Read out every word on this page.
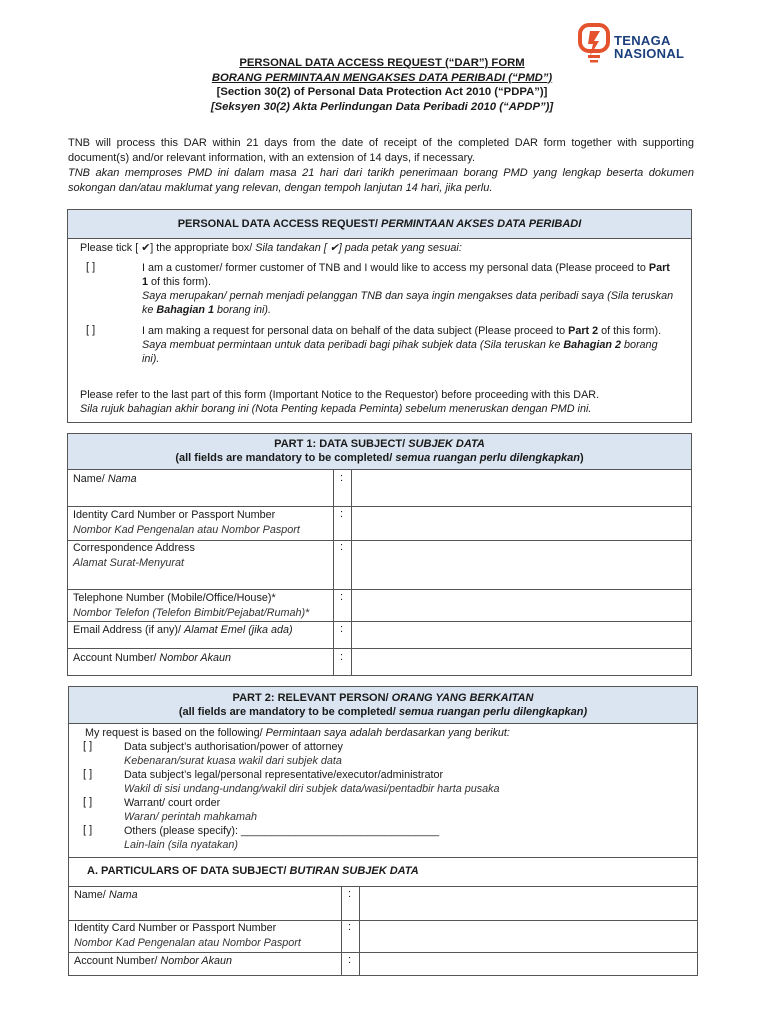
TENAGA
NASIONAL
PERSONAL DATA ACCESS REQUEST (“DAR”) FORM
BORANG PERMINTAAN MENGAKSES DATA PERIBADI (“PMD”)
[Section 30(2) of Personal Data Protection Act 2010 (“PDPA”)]
[Seksyen 30(2) Akta Perlindungan Data Peribadi 2010 (“APDP”)]
TNB will process this DAR within 21 days from the date of receipt of the completed DAR form together with supporting document(s) and/or relevant information, with an extension of 14 days, if necessary.
TNB akan memproses PMD ini dalam masa 21 hari dari tarikh penerimaan borang PMD yang lengkap beserta dokumen sokongan dan/atau maklumat yang relevan, dengan tempoh lanjutan 14 hari, jika perlu.
PERSONAL DATA ACCESS REQUEST/ PERMINTAAN AKSES DATA PERIBADI
Please tick [ ✔] the appropriate box/ Sila tandakan [ ✔] pada petak yang sesuai:
[ ]	I am a customer/ former customer of TNB and I would like to access my personal data (Please proceed to Part 1 of this form).
Saya merupakan/ pernah menjadi pelanggan TNB dan saya ingin mengakses data peribadi saya (Sila teruskan ke Bahagian 1 borang ini).
[ ]	I am making a request for personal data on behalf of the data subject (Please proceed to Part 2 of this form).
Saya membuat permintaan untuk data peribadi bagi pihak subjek data (Sila teruskan ke Bahagian 2 borang ini).
Please refer to the last part of this form (Important Notice to the Requestor) before proceeding with this DAR.
Sila rujuk bahagian akhir borang ini (Nota Penting kepada Peminta) sebelum meneruskan dengan PMD ini.
PART 1: DATA SUBJECT/ SUBJEK DATA
(all fields are mandatory to be completed/ semua ruangan perlu dilengkapkan)
Name/ Nama	:
Identity Card Number or Passport Number
Nombor Kad Pengenalan atau Nombor Pasport
:
Correspondence Address
Alamat Surat-Menyurat
:
Telephone Number (Mobile/Office/House)*
Nombor Telefon (Telefon Bimbit/Pejabat/Rumah)*
:
Email Address (if any)/ Alamat Emel (jika ada)	:
Account Number/ Nombor Akaun	:
PART 2: RELEVANT PERSON/ ORANG YANG BERKAITAN
(all fields are mandatory to be completed/ semua ruangan perlu dilengkapkan)
My request is based on the following/ Permintaan saya adalah berdasarkan yang berikut:
[ ]	Data subject’s authorisation/power of attorney
Kebenaran/surat kuasa wakil dari subjek data
[ ]	Data subject’s legal/personal representative/executor/administrator
Wakil di sisi undang-undang/wakil diri subjek data/wasi/pentadbir harta pusaka
[ ]	Warrant/ court order
Waran/ perintah mahkamah
[ ]	Others (please specify): _________________________________
Lain-lain (sila nyatakan)
A. PARTICULARS OF DATA SUBJECT/ BUTIRAN SUBJEK DATA
Name/ Nama	:
Identity Card Number or Passport Number
Nombor Kad Pengenalan atau Nombor Pasport
:
Account Number/ Nombor Akaun	:
